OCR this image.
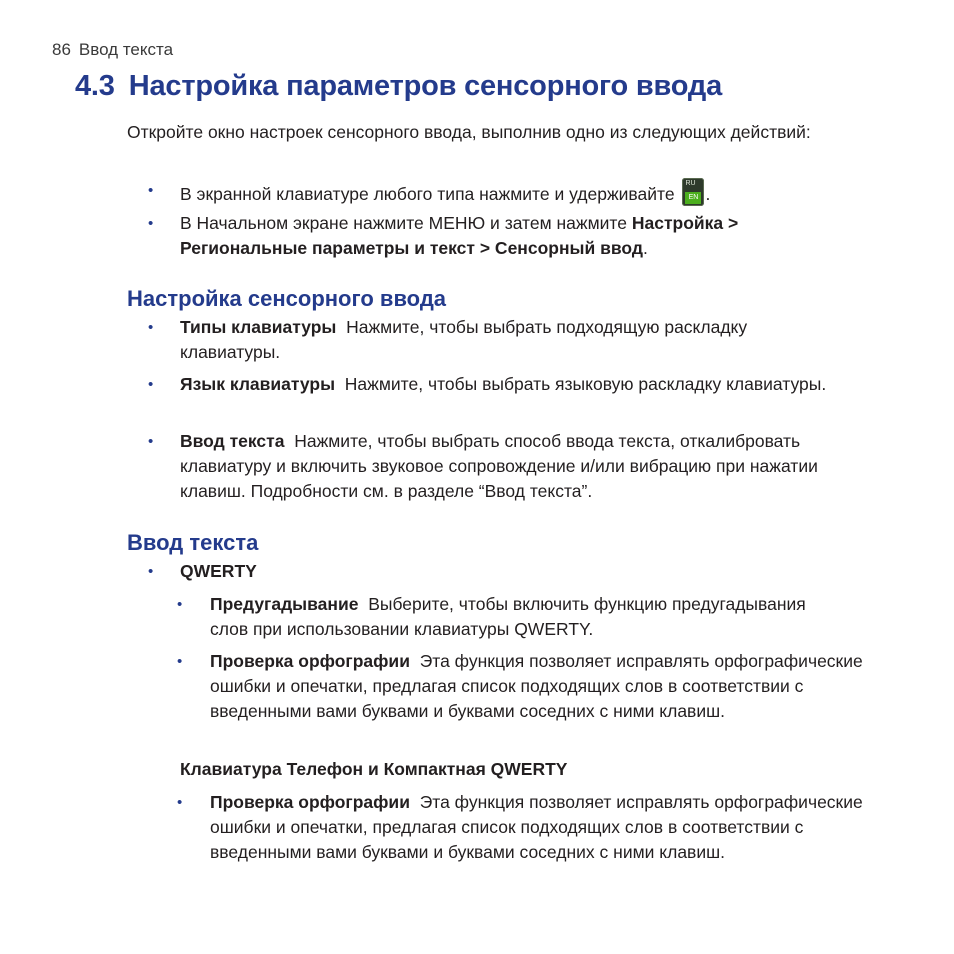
86 Ввод текста
4.3 Настройка параметров сенсорного ввода

Откройте окно настроек сенсорного ввода, выполнив одно из следующих действий:

• В экранной клавиатуре любого типа нажмите и удерживайте
RU
EN .
• В Начальном экране нажмите МЕНЮ и затем нажмите Настройка > Региональные параметры и текст > Сенсорный ввод.
Настройка сенсорного ввода
• Типы клавиатуры Нажмите, чтобы выбрать подходящую раскладку клавиатуры.
• Язык клавиатуры Нажмите, чтобы выбрать языковую раскладку клавиатуры.
• Ввод текста Нажмите, чтобы выбрать способ ввода текста, откалибровать клавиатуру и включить звуковое сопровождение и/или вибрацию при нажатии клавиш. Подробности см. в разделе “Ввод текста”.
Ввод текста
• QWERTY
• Предугадывание Выберите, чтобы включить функцию предугадывания слов при использовании клавиатуры QWERTY.
• Проверка орфографии Эта функция позволяет исправлять орфографические ошибки и опечатки, предлагая список подходящих слов в соответствии с введенными вами буквами и буквами соседних с ними клавиш.
Клавиатура Телефон и Компактная QWERTY
• Проверка орфографии Эта функция позволяет исправлять орфографические ошибки и опечатки, предлагая список подходящих слов в соответствии с введенными вами буквами и буквами соседних с ними клавиш.
